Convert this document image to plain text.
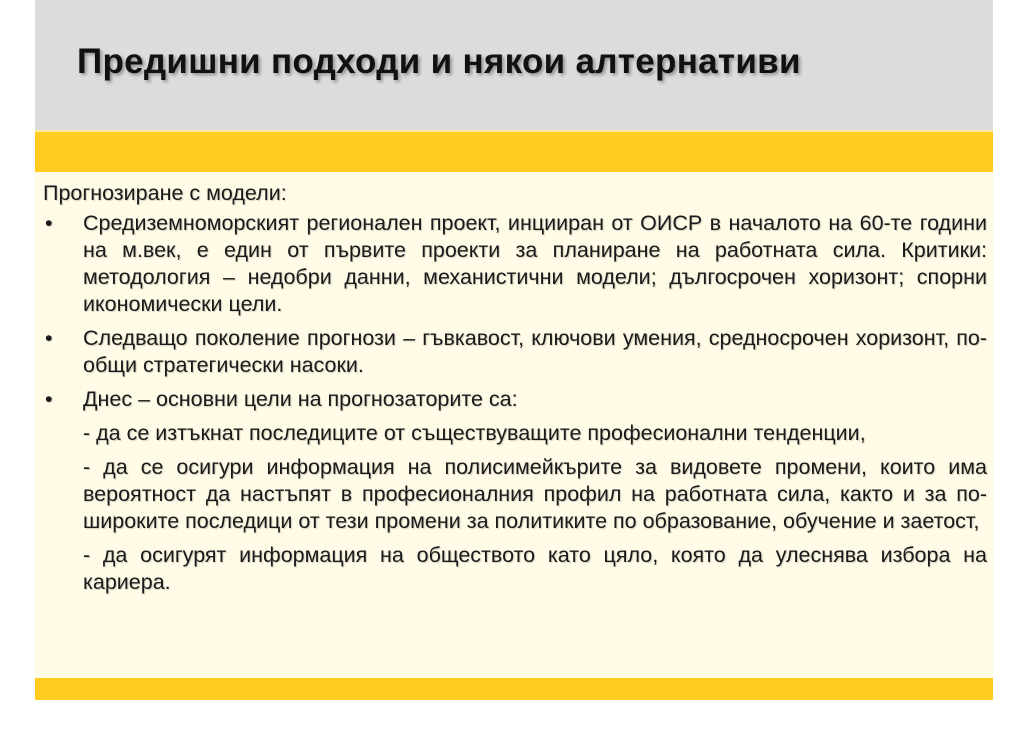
Предишни подходи и някои алтернативи
Прогнозиране с модели:
• Средиземноморският регионален проект, инцииран от ОИСР в началото на 60-те години на м.век, е един от първите проекти за планиране на работната сила. Критики: методология – недобри данни, механистични модели; дългосрочен хоризонт; спорни икономически цели.
• Следващо поколение прогнози – гъвкавост, ключови умения, средносрочен хоризонт, по-общи стратегически насоки.
• Днес – основни цели на прогнозаторите са:
- да се изтъкнат последиците от съществуващите професионални тенденции,
- да се осигури информация на полисимейкърите за видовете промени, които има вероятност да настъпят в професионалния профил на работната сила, както и за по-широките последици от тези промени за политиките по образование, обучение и заетост,
- да осигурят информация на обществото като цяло, която да улеснява избора на кариера.
